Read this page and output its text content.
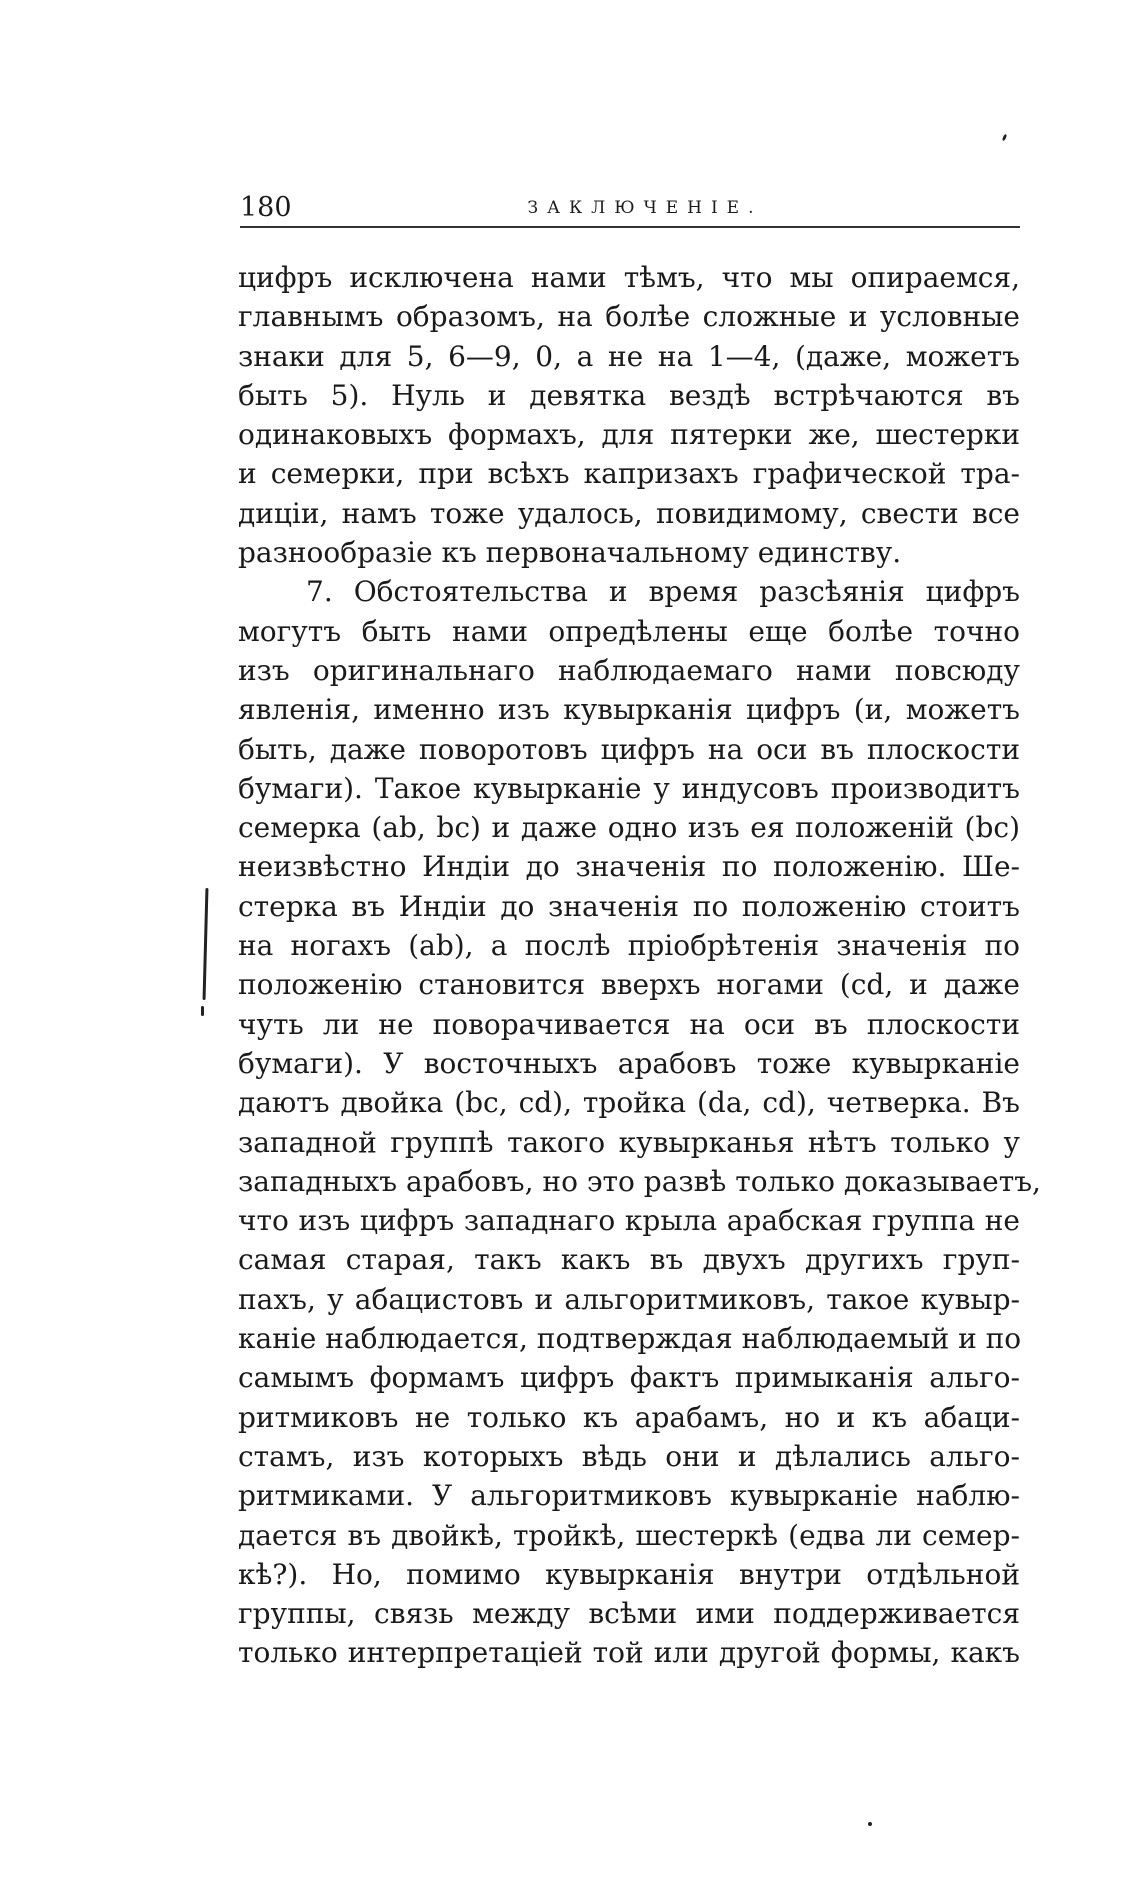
180	ЗАКЛЮЧЕНІЕ.
цифръ исключена нами тѣмъ, что мы опираемся,
главнымъ образомъ, на болѣе сложные и условные
знаки для 5, 6—9, 0, а не на 1—4, (даже, можетъ
быть 5). Нуль и девятка вездѣ встрѣчаются въ
одинаковыхъ формахъ, для пятерки же, шестерки
и семерки, при всѣхъ капризахъ графической тра-
диціи, намъ тоже удалось, повидимому, свести все
разнообразіе къ первоначальному единству.
7. Обстоятельства и время разсѣянія цифръ
могутъ быть нами опредѣлены еще болѣе точно
изъ оригинальнаго наблюдаемаго нами повсюду
явленія, именно изъ кувырканія цифръ (и, можетъ
быть, даже поворотовъ цифръ на оси въ плоскости
бумаги). Такое кувырканіе у индусовъ производитъ
семерка (ab, bc) и даже одно изъ ея положеній (bc)
неизвѣстно Индіи до значенія по положенію. Ше-
стерка въ Индіи до значенія по положенію стоитъ
на ногахъ (ab), а послѣ пріобрѣтенія значенія по
положенію становится вверхъ ногами (cd, и даже
чуть ли не поворачивается на оси въ плоскости
бумаги). У восточныхъ арабовъ тоже кувырканіе
даютъ двойка (bc, cd), тройка (da, cd), четверка. Въ
западной группѣ такого кувырканья нѣтъ только у
западныхъ арабовъ, но это развѣ только доказываетъ,
что изъ цифръ западнаго крыла арабская группа не
самая старая, такъ какъ въ двухъ другихъ груп-
пахъ, у абацистовъ и альгоритмиковъ, такое кувыр-
каніе наблюдается, подтверждая наблюдаемый и по
самымъ формамъ цифръ фактъ примыканія альго-
ритмиковъ не только къ арабамъ, но и къ абаци-
стамъ, изъ которыхъ вѣдь они и дѣлались альго-
ритмиками. У альгоритмиковъ кувырканіе наблю-
дается въ двойкѣ, тройкѣ, шестеркѣ (едва ли семер-
кѣ?). Но, помимо кувырканія внутри отдѣльной
группы, связь между всѣми ими поддерживается
только интерпретаціей той или другой формы, какъ
